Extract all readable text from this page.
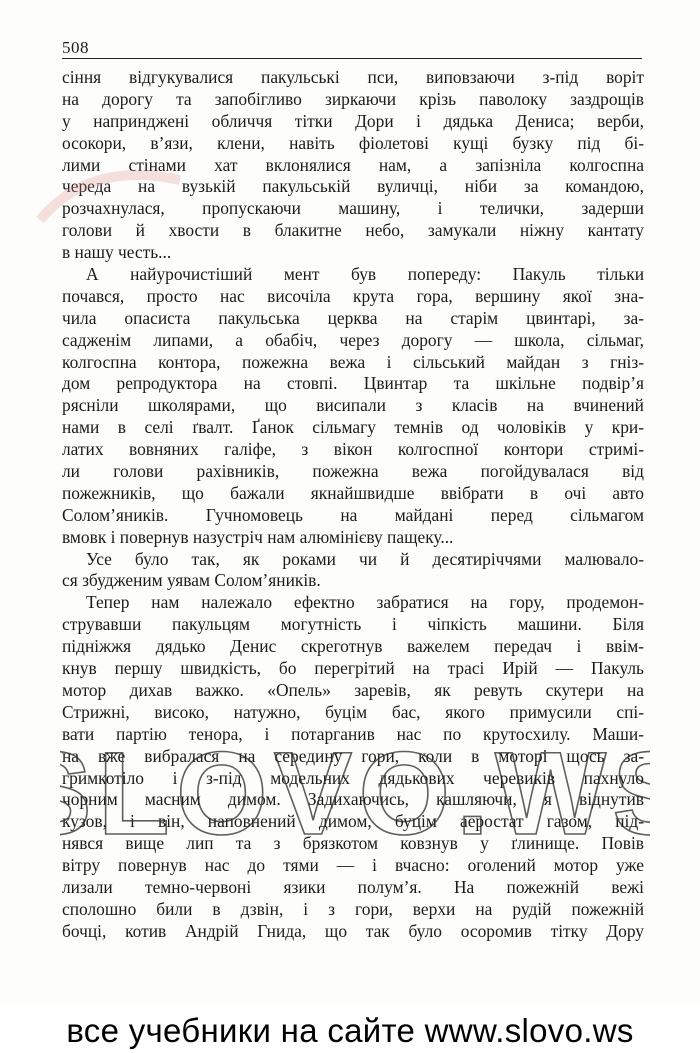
508
сіння відгукувалися пакульські пси, виповзаючи з-під воріт
на дорогу та запобігливо зиркаючи крізь паволоку заздрощів
у напринджені обличчя тітки Дори і дядька Дениса; верби,
осокори, в’язи, клени, навіть фіолетові кущі бузку під бі-
лими стінами хат вклонялися нам, а запізніла колгоспна
череда на вузькій пакульській вуличці, ніби за командою,
розчахнулася, пропускаючи машину, і телички, задерши
голови й хвости в блакитне небо, замукали ніжну кантату
в нашу честь...
А найурочистіший мент був попереду: Пакуль тільки
почався, просто нас височіла крута гора, вершину якої зна-
чила опасиста пакульська церква на старім цвинтарі, за-
садженім липами, а обабіч, через дорогу — школа, сільмаг,
колгоспна контора, пожежна вежа і сільський майдан з гніз-
дом репродуктора на стовпі. Цвинтар та шкільне подвір’я
рясніли школярами, що висипали з класів на вчинений
нами в селі ґвалт. Ґанок сільмагу темнів од чоловіків у кри-
латих вовняних галіфе, з вікон колгоспної контори стримі-
ли голови рахівників, пожежна вежа погойдувалася від
пожежників, що бажали якнайшвидше ввібрати в очі авто
Солом’яників. Гучномовець на майдані перед сільмагом
вмовк і повернув назустріч нам алюмінієву пащеку...
Усе було так, як роками чи й десятиріччями малювало-
ся збудженим уявам Солом’яників.
Тепер нам належало ефектно забратися на гору, продемон-
струвавши пакульцям могутність і чіпкість машини. Біля
підніжжя дядько Денис скреготнув важелем передач і ввім-
кнув першу швидкість, бо перегрітий на трасі Ирій — Пакуль
мотор дихав важко. «Опель» заревів, як ревуть скутери на
Стрижні, високо, натужно, буцім бас, якого примусили спі-
вати партію тенора, і потарганив нас по крутосхилу. Маши-
на вже вибралася на середину гори, коли в моторі щось за-
гримкотіло і з-під модельних дядькових черевиків пахнуло
чорним масним димом. Задихаючись, кашляючи, я віднутив
кузов, і він, наповнений димом, буцім аеростат газом, під-
нявся вище лип та з брязкотом ковзнув у ґлинище. Повів
вітру повернув нас до тями — і вчасно: оголений мотор уже
лизали темно-червоні язики полум’я. На пожежній вежі
сполошно били в дзвін, і з гори, верхи на рудій пожежній
бочці, котив Андрій Гнида, що так було осоромив тітку Дору
LOVO.W
все учебники на сайте www.slovo.ws
